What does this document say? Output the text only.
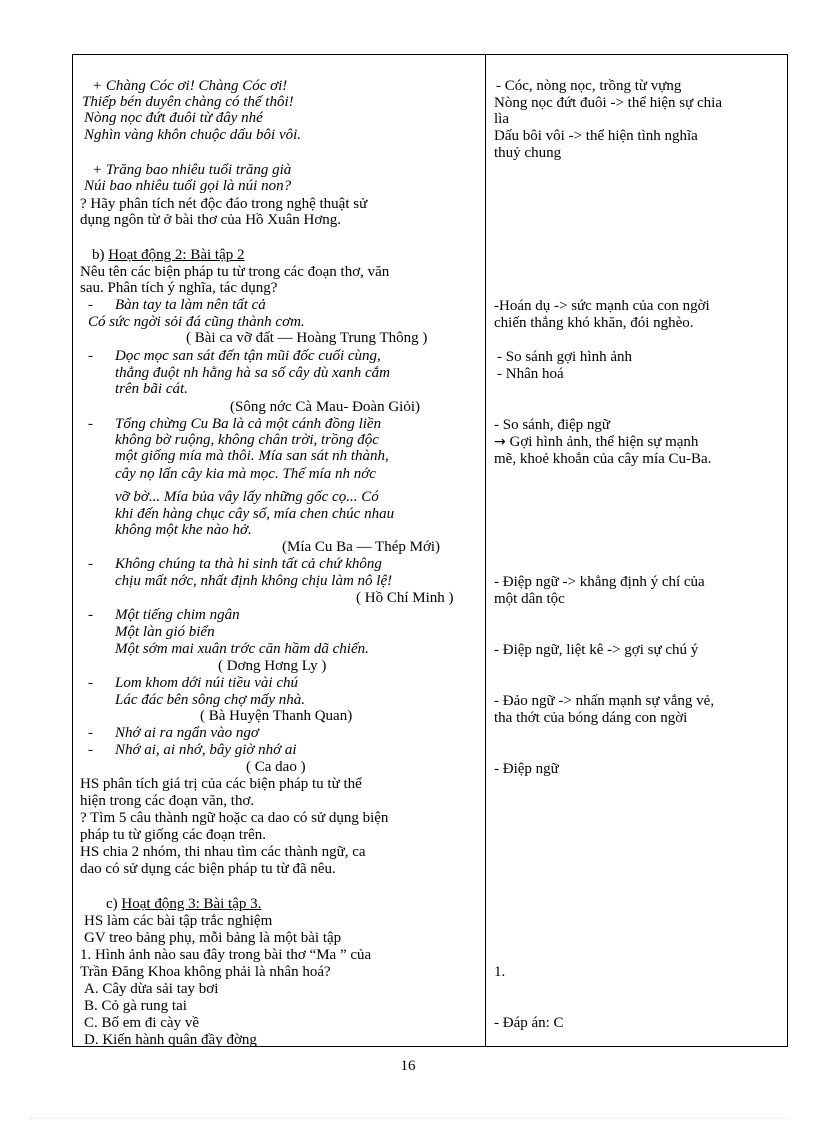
+ Chàng Cóc ơi! Chàng Cóc ơi!
Thiếp bén duyên chàng có thế thôi!
Nòng nọc đứt đuôi từ đây nhé
Nghìn vàng khôn chuộc dấu bôi vôi.
+ Trăng bao nhiêu tuổi trăng già
Núi bao nhiêu tuổi gọi là núi non?
? Hãy phân tích nét độc đáo trong nghệ thuật sử
dụng ngôn từ ở bài thơ của Hồ Xuân Hơng.
b) Hoạt động 2: Bài tập 2
Nêu tên các biện pháp tu từ trong các đoạn thơ, văn
sau. Phân tích ý nghĩa, tác dụng?
- Bàn tay ta làm nên tất cả
Có sức ngời sỏi đá cũng thành cơm.
( Bài ca vỡ đất — Hoàng Trung Thông )
- Dọc mọc san sát đến tận mũi đốc cuối cùng,
thẳng đuột nh hằng hà sa số cây dù xanh cắm
trên bãi cát.
(Sông nớc Cà Mau- Đoàn Giỏi)
- Tổng chừng Cu Ba là cả một cánh đồng liền
không bờ ruộng, không chân trời, trồng độc
một giống mía mà thôi. Mía san sát nh thành,
cây nọ lấn cây kia mà mọc. Thế mía nh nớc
vỡ bờ... Mía bủa vây lấy những gốc cọ... Có
khi đến hàng chục cây số, mía chen chúc nhau
không một khe nào hở.
(Mía Cu Ba — Thép Mới)
- Không chúng ta thà hi sinh tất cả chứ không
chịu mất nớc, nhất định không chịu làm nô lệ!
( Hồ Chí Minh )
- Một tiếng chim ngân
Một làn gió biển
Một sớm mai xuân trớc căn hầm dã chiến.
( Dơng Hơng Ly )
- Lom khom dới núi tiều vài chú
Lác đác bên sông chợ mấy nhà.
( Bà Huyện Thanh Quan)
- Nhớ ai ra ngẩn vào ngơ
- Nhớ ai, ai nhớ, bây giờ nhớ ai
( Ca dao )
HS phân tích giá trị của các biện pháp tu từ thể
hiện trong các đoạn văn, thơ.
? Tìm 5 câu thành ngữ hoặc ca dao có sử dụng biện
pháp tu từ giống các đoạn trên.
HS chia 2 nhóm, thi nhau tìm các thành ngữ, ca
dao có sử dụng các biện pháp tu từ đã nêu.
c) Hoạt động 3: Bài tập 3.
HS làm các bài tập trắc nghiệm
GV treo bảng phụ, mỗi bảng là một bài tập
1. Hình ảnh nào sau đây trong bài thơ “Ma ” của
Trần Đăng Khoa không phải là nhân hoá?
A. Cây dừa sải tay bơi
B. Cỏ gà rung tai
C. Bố em đi cày về
D. Kiến hành quân đầy đờng
- Cóc, nòng nọc, trồng từ vựng
Nòng nọc đứt đuôi -> thể hiện sự chia
lìa
Dấu bôi vôi -> thể hiện tình nghĩa
thuỷ chung
-Hoán dụ -> sức mạnh của con ngời
chiến thắng khó khăn, đói nghèo.
- So sánh gợi hình ảnh
- Nhân hoá
- So sánh, điệp ngữ
→ Gợi hình ảnh, thể hiện sự mạnh
mẽ, khoẻ khoắn của cây mía Cu-Ba.
- Điệp ngữ -> khẳng định ý chí của
một dân tộc
- Điệp ngữ, liệt kê -> gợi sự chú ý
- Đảo ngữ -> nhấn mạnh sự vắng vẻ,
tha thớt của bóng dáng con ngời
- Điệp ngữ
1.
- Đáp án: C
16
